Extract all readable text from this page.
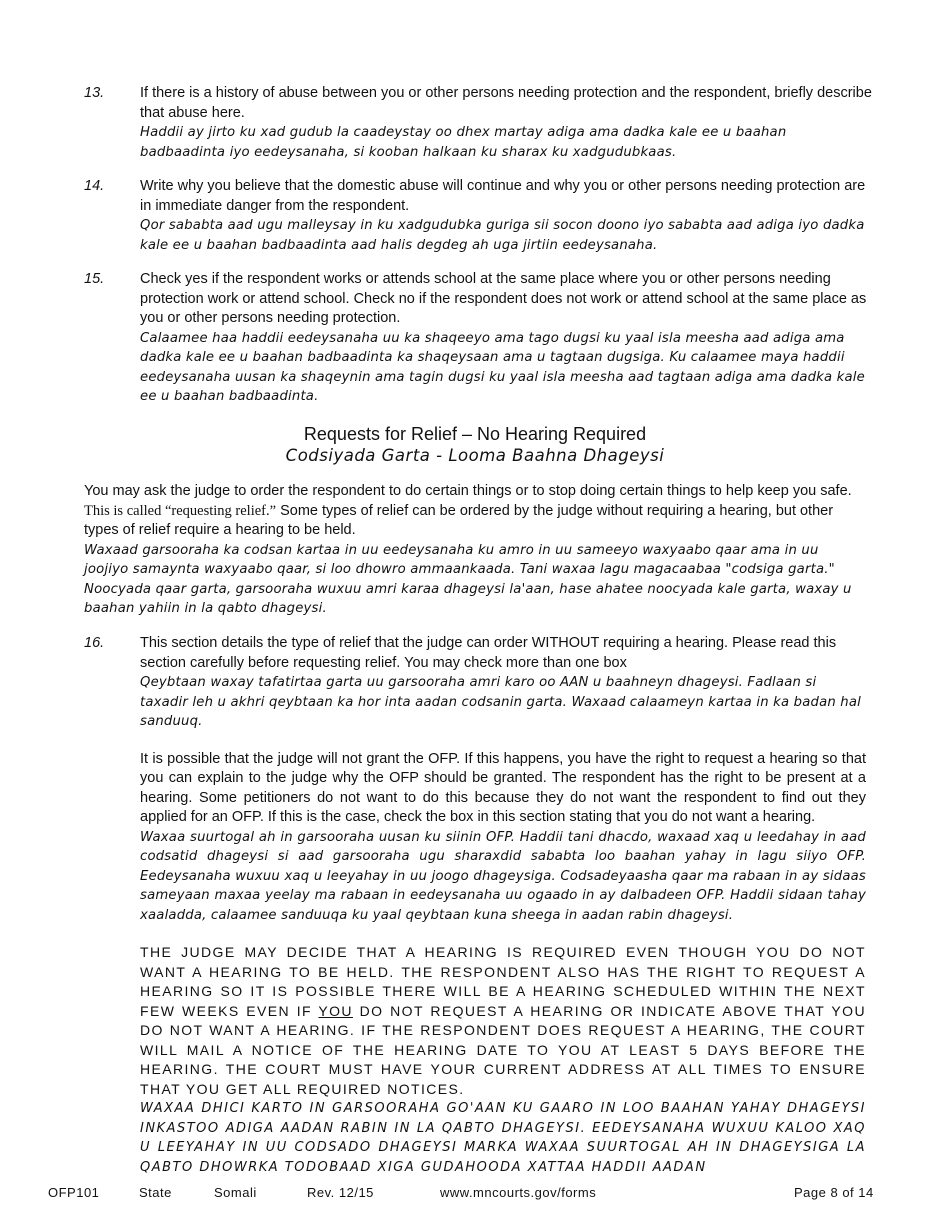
13. If there is a history of abuse between you or other persons needing protection and the respondent, briefly describe that abuse here.
Haddii ay jirto ku xad gudub la caadeystay oo dhex martay adiga ama dadka kale ee u baahan badbaadinta iyo eedeysanaha, si kooban halkaan ku sharax ku xadgudubkaas.
14. Write why you believe that the domestic abuse will continue and why you or other persons needing protection are in immediate danger from the respondent.
Qor sababta aad ugu malleysay in ku xadgudubka guriga sii socon doono iyo sababta aad adiga iyo dadka kale ee u baahan badbaadinta aad halis degdeg ah uga jirtiin eedeysanaha.
15. Check yes if the respondent works or attends school at the same place where you or other persons needing protection work or attend school. Check no if the respondent does not work or attend school at the same place as you or other persons needing protection.
Calaamee haa haddii eedeysanaha uu ka shaqeeyo ama tago dugsi ku yaal isla meesha aad adiga ama dadka kale ee u baahan badbaadinta ka shaqeysaan ama u tagtaan dugsiga. Ku calaamee maya haddii eedeysanaha uusan ka shaqeynin ama tagin dugsi ku yaal isla meesha aad tagtaan adiga ama dadka kale ee u baahan badbaadinta.
Requests for Relief – No Hearing Required
Codsiyada Garta - Looma Baahna Dhageysi
You may ask the judge to order the respondent to do certain things or to stop doing certain things to help keep you safe. This is called “requesting relief.” Some types of relief can be ordered by the judge without requiring a hearing, but other types of relief require a hearing to be held.
Waxaad garsooraha ka codsan kartaa in uu eedeysanaha ku amro in uu sameeyo waxyaabo qaar ama in uu joojiyo samaynta waxyaabo qaar, si loo dhowro ammaankaada. Tani waxaa lagu magacaabaa "codsiga garta." Noocyada qaar garta, garsooraha wuxuu amri karaa dhageysi la'aan, hase ahatee noocyada kale garta, waxay u baahan yahiin in la qabto dhageysi.
16. This section details the type of relief that the judge can order WITHOUT requiring a hearing. Please read this section carefully before requesting relief. You may check more than one box
Qeybtaan waxay tafatirtaa garta uu garsooraha amri karo oo AAN u baahneyn dhageysi. Fadlaan si taxadir leh u akhri qeybtaan ka hor inta aadan codsanin garta. Waxaad calaameyn kartaa in ka badan hal sanduuq.
It is possible that the judge will not grant the OFP. If this happens, you have the right to request a hearing so that you can explain to the judge why the OFP should be granted. The respondent has the right to be present at a hearing. Some petitioners do not want to do this because they do not want the respondent to find out they applied for an OFP. If this is the case, check the box in this section stating that you do not want a hearing.
Waxaa suurtogal ah in garsooraha uusan ku siinin OFP. Haddii tani dhacdo, waxaad xaq u leedahay in aad codsatid dhageysi si aad garsooraha ugu sharaxdid sababta loo baahan yahay in lagu siiyo OFP. Eedeysanaha wuxuu xaq u leeyahay in uu joogo dhageysiga. Codsadeyaasha qaar ma rabaan in ay sidaas sameyaan maxaa yeelay ma rabaan in eedeysanaha uu ogaado in ay dalbadeen OFP. Haddii sidaan tahay xaaladda, calaamee sanduuqa ku yaal qeybtaan kuna sheega in aadan rabin dhageysi.
THE JUDGE MAY DECIDE THAT A HEARING IS REQUIRED EVEN THOUGH YOU DO NOT WANT A HEARING TO BE HELD. THE RESPONDENT ALSO HAS THE RIGHT TO REQUEST A HEARING SO IT IS POSSIBLE THERE WILL BE A HEARING SCHEDULED WITHIN THE NEXT FEW WEEKS EVEN IF YOU DO NOT REQUEST A HEARING OR INDICATE ABOVE THAT YOU DO NOT WANT A HEARING. IF THE RESPONDENT DOES REQUEST A HEARING, THE COURT WILL MAIL A NOTICE OF THE HEARING DATE TO YOU AT LEAST 5 DAYS BEFORE THE HEARING. THE COURT MUST HAVE YOUR CURRENT ADDRESS AT ALL TIMES TO ENSURE THAT YOU GET ALL REQUIRED NOTICES.
WAXAA DHICI KARTO IN GARSOORAHA GO'AAN KU GAARO IN LOO BAAHAN YAHAY DHAGEYSI INKASTOO ADIGA AADAN RABIN IN LA QABTO DHAGEYSI. EEDEYSANAHA WUXUU KALOO XAQ U LEEYAHAY IN UU CODSADO DHAGEYSI MARKA WAXAA SUURTOGAL AH IN DHAGEYSIGA LA QABTO DHOWRKA TODOBAAD XIGA GUDAHOODA XATTAA HADDII AADAN
OFP101	State	Somali	Rev. 12/15	www.mncourts.gov/forms	Page 8 of 14
